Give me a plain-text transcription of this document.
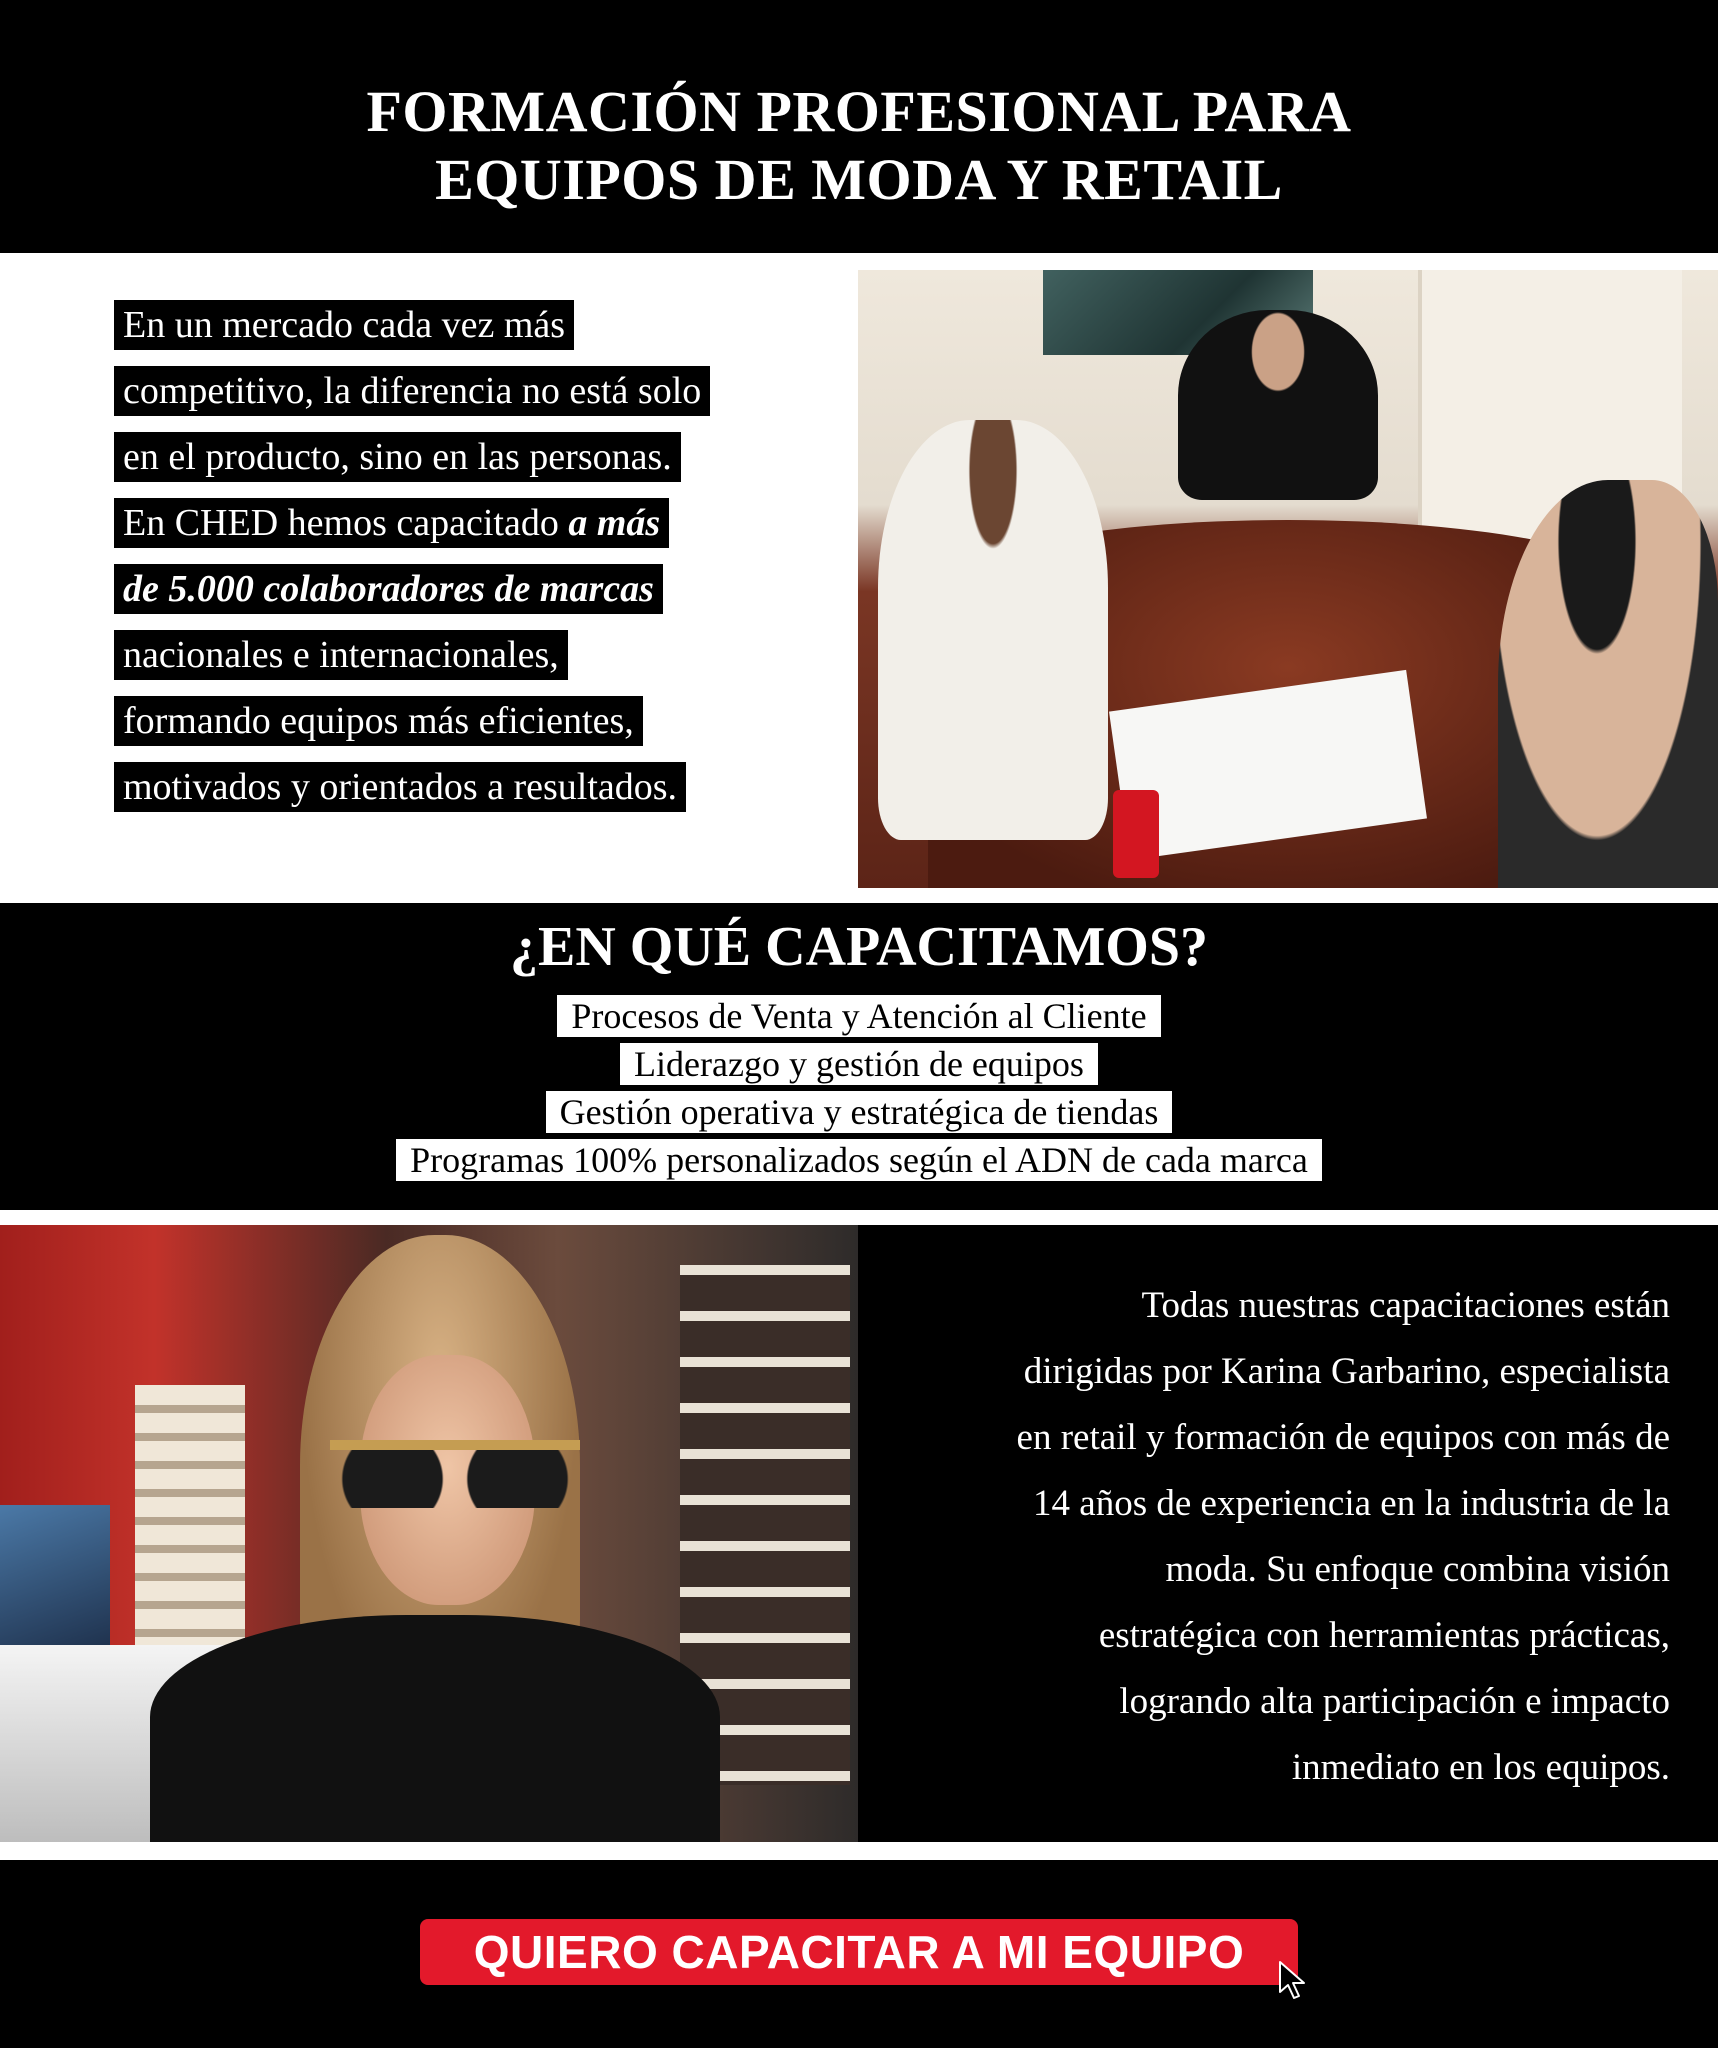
FORMACIÓN PROFESIONAL PARA
EQUIPOS DE MODA Y RETAIL
En un mercado cada vez más
competitivo, la diferencia no está solo
en el producto, sino en las personas.
En CHED hemos capacitado a más
de 5.000 colaboradores de marcas
nacionales e internacionales,
formando equipos más eficientes,
motivados y orientados a resultados.
¿EN QUÉ CAPACITAMOS?
Procesos de Venta y Atención al Cliente
Liderazgo y gestión de equipos
Gestión operativa y estratégica de tiendas
Programas 100% personalizados según el ADN de cada marca
Todas nuestras capacitaciones están
dirigidas por Karina Garbarino, especialista
en retail y formación de equipos con más de
14 años de experiencia en la industria de la
moda. Su enfoque combina visión
estratégica con herramientas prácticas,
logrando alta participación e impacto
inmediato en los equipos.
QUIERO CAPACITAR A MI EQUIPO
